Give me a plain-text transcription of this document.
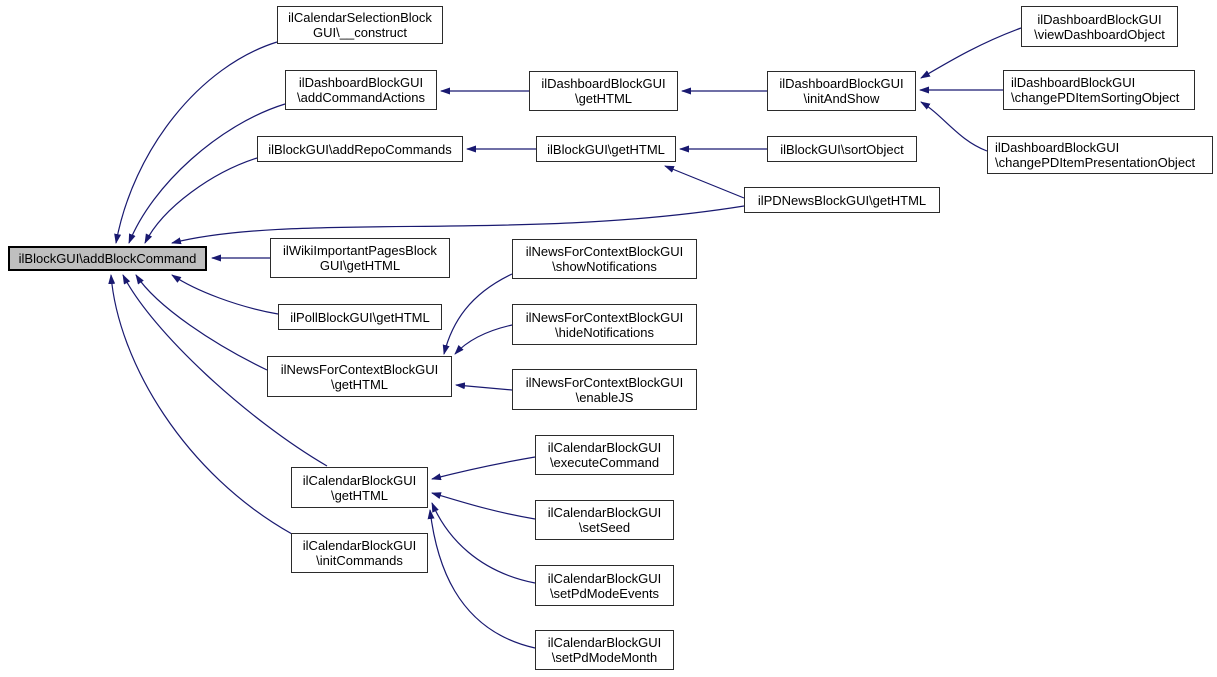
ilBlockGUI\addBlockCommand
ilCalendarSelectionBlock
GUI\__construct
ilDashboardBlockGUI
\addCommandActions
ilBlockGUI\addRepoCommands
ilWikiImportantPagesBlock
GUI\getHTML
ilPollBlockGUI\getHTML
ilNewsForContextBlockGUI
\getHTML
ilCalendarBlockGUI
\getHTML
ilCalendarBlockGUI
\initCommands
ilDashboardBlockGUI
\getHTML
ilBlockGUI\getHTML
ilNewsForContextBlockGUI
\showNotifications
ilNewsForContextBlockGUI
\hideNotifications
ilNewsForContextBlockGUI
\enableJS
ilCalendarBlockGUI
\executeCommand
ilCalendarBlockGUI
\setSeed
ilCalendarBlockGUI
\setPdModeEvents
ilCalendarBlockGUI
\setPdModeMonth
ilPDNewsBlockGUI\getHTML
ilBlockGUI\sortObject
ilDashboardBlockGUI
\initAndShow
ilDashboardBlockGUI
\viewDashboardObject
ilDashboardBlockGUI
\changePDItemSortingObject
ilDashboardBlockGUI
\changePDItemPresentationObject
